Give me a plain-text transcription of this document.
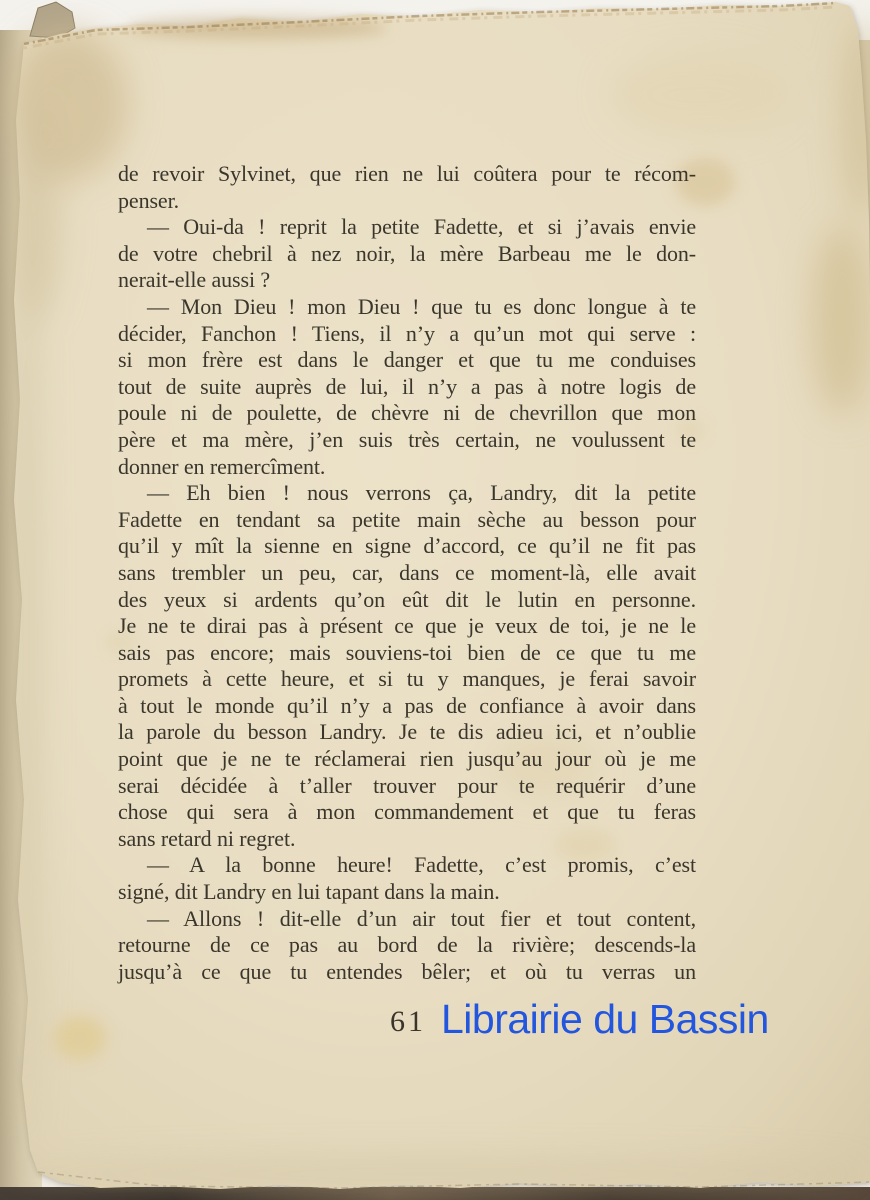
de revoir Sylvinet, que rien ne lui coûtera pour te récom-
penser.
— Oui-da ! reprit la petite Fadette, et si j’avais envie
de votre chebril à nez noir, la mère Barbeau me le don-
nerait-elle aussi ?
— Mon Dieu ! mon Dieu ! que tu es donc longue à te
décider, Fanchon ! Tiens, il n’y a qu’un mot qui serve :
si mon frère est dans le danger et que tu me conduises
tout de suite auprès de lui, il n’y a pas à notre logis de
poule ni de poulette, de chèvre ni de chevrillon que mon
père et ma mère, j’en suis très certain, ne voulussent te
donner en remercîment.
— Eh bien ! nous verrons ça, Landry, dit la petite
Fadette en tendant sa petite main sèche au besson pour
qu’il y mît la sienne en signe d’accord, ce qu’il ne fit pas
sans trembler un peu, car, dans ce moment-là, elle avait
des yeux si ardents qu’on eût dit le lutin en personne.
Je ne te dirai pas à présent ce que je veux de toi, je ne le
sais pas encore; mais souviens-toi bien de ce que tu me
promets à cette heure, et si tu y manques, je ferai savoir
à tout le monde qu’il n’y a pas de confiance à avoir dans
la parole du besson Landry. Je te dis adieu ici, et n’oublie
point que je ne te réclamerai rien jusqu’au jour où je me
serai décidée à t’aller trouver pour te requérir d’une
chose qui sera à mon commandement et que tu feras
sans retard ni regret.
— A la bonne heure! Fadette, c’est promis, c’est
signé, dit Landry en lui tapant dans la main.
— Allons ! dit-elle d’un air tout fier et tout content,
retourne de ce pas au bord de la rivière; descends-la
jusqu’à ce que tu entendes bêler; et où tu verras un
61 Librairie du Bassin
